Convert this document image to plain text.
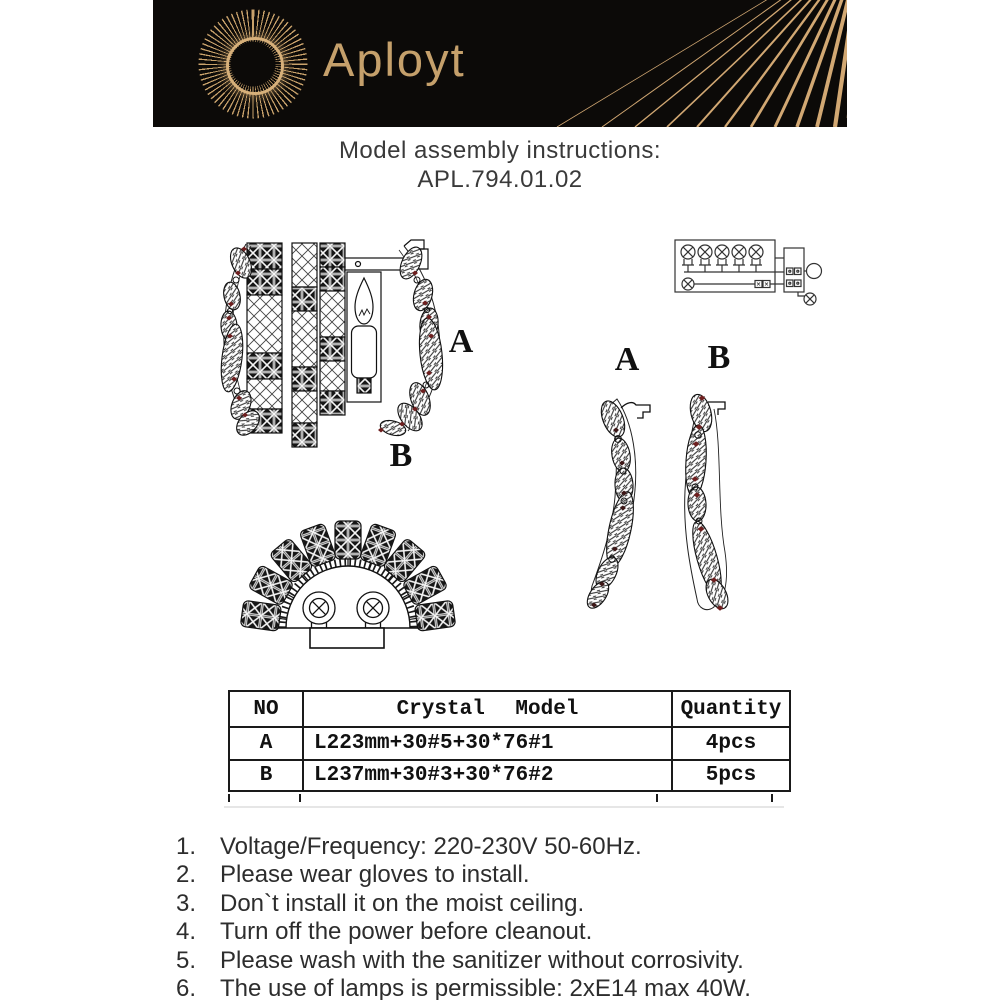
Aployt
Model assembly instructions:
APL.794.01.02
A
B
A B
NO	Crystal Model	Quantity
A	L223mm+30#5+30*76#1	4pcs
B	L237mm+30#3+30*76#2	5pcs
1. Voltage/Frequency: 220-230V 50-60Hz.
2. Please wear gloves to install.
3. Don`t install it on the moist ceiling.
4. Turn off the power before cleanout.
5. Please wash with the sanitizer without corrosivity.
6. The use of lamps is permissible: 2xE14 max 40W.
